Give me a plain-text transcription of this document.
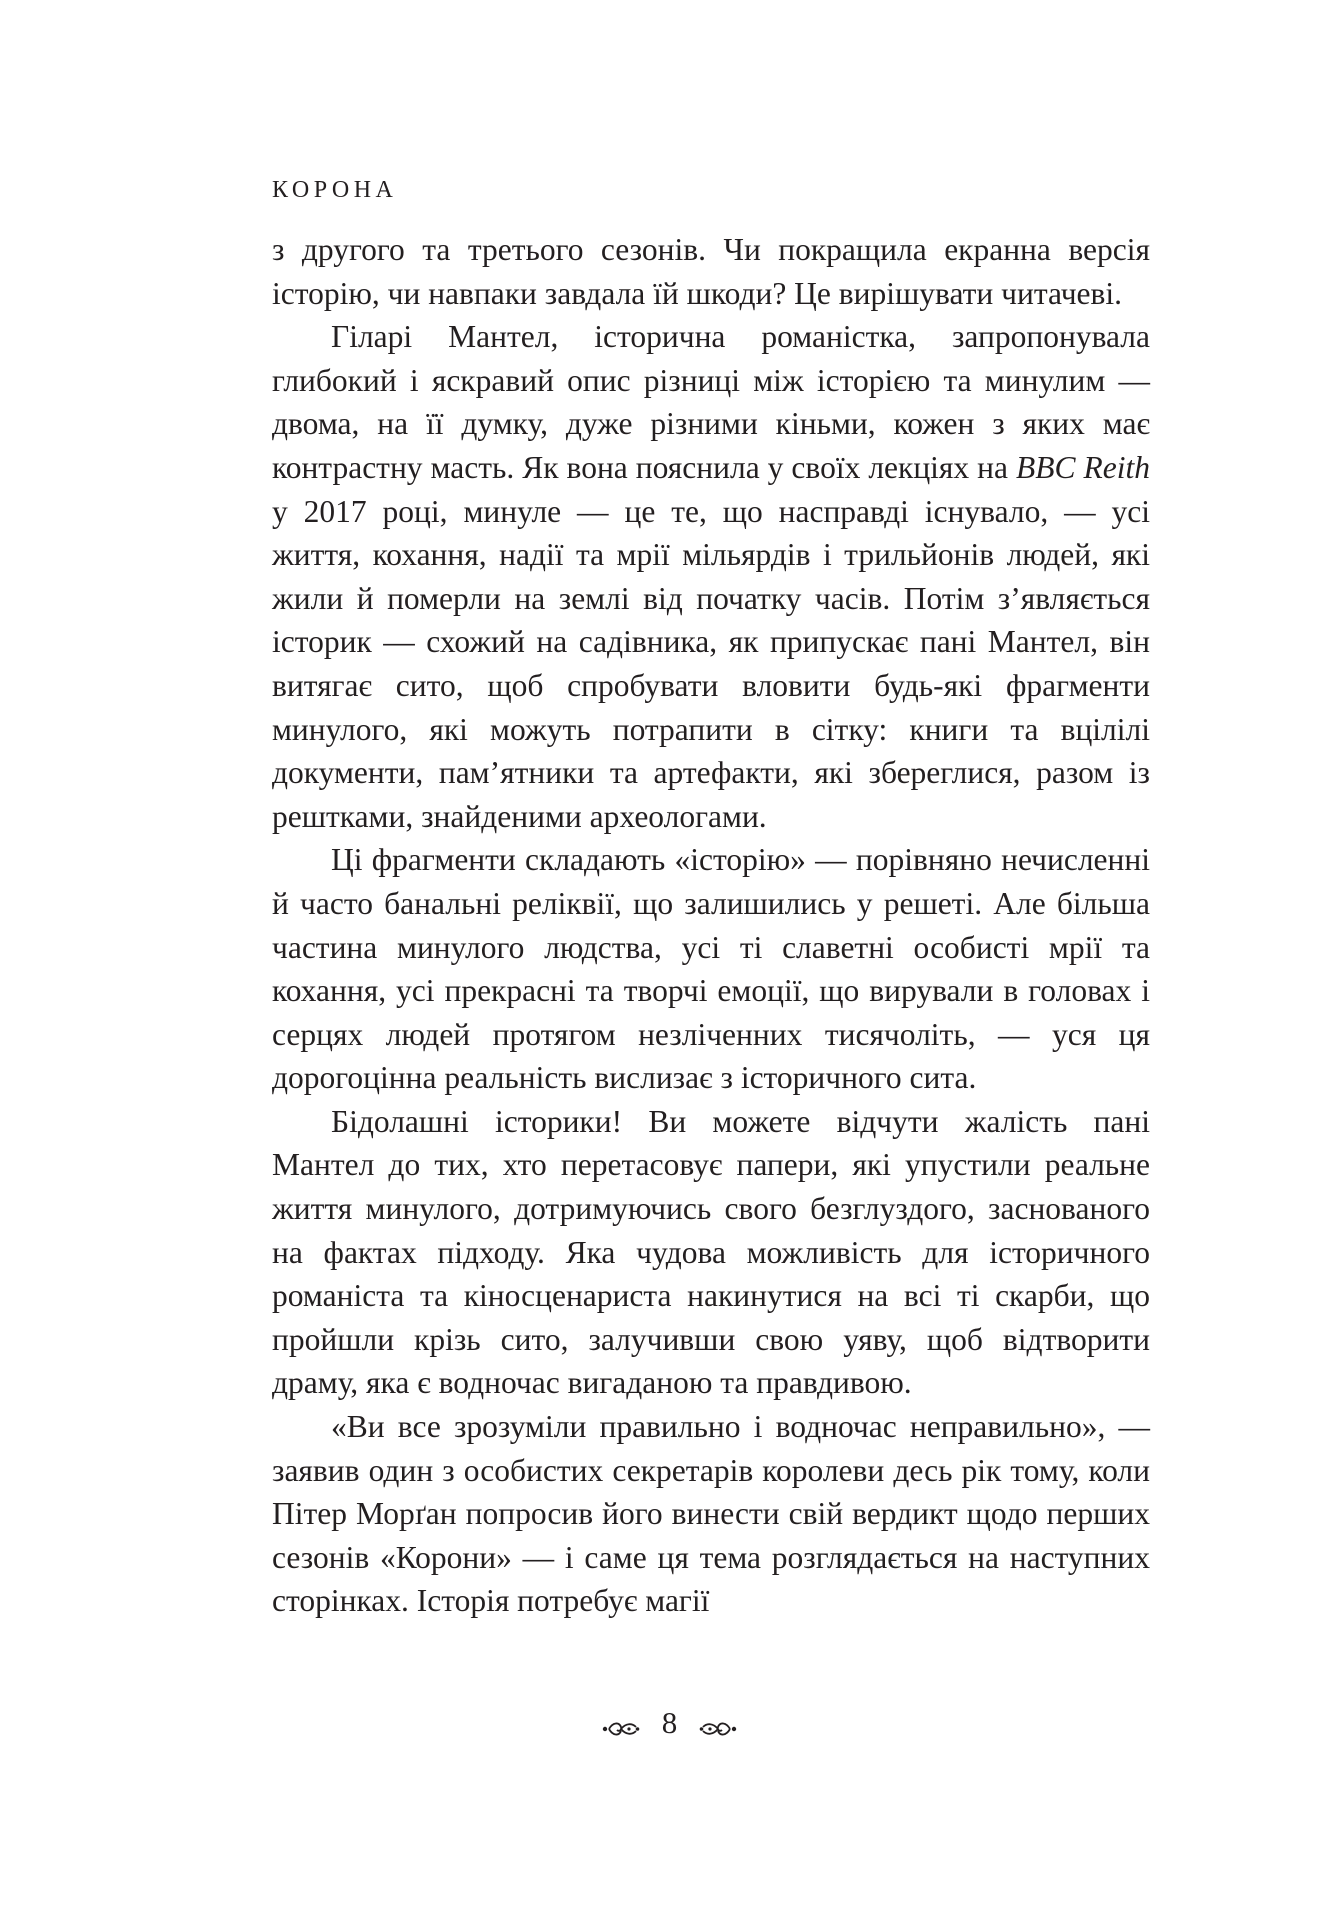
КОРОНА

з другого та третього сезонів. Чи покращила екранна версія історію, чи навпаки завдала їй шкоди? Це вирішувати читачеві.

Гіларі Мантел, історична романістка, запропонувала глибокий і яскравий опис різниці між історією та минулим — двома, на її думку, дуже різними кіньми, кожен з яких має контрастну масть. Як вона пояснила у своїх лекціях на BBC Reith у 2017 році, минуле — це те, що насправді існувало, — усі життя, кохання, надії та мрії мільярдів і трильйонів людей, які жили й померли на землі від початку часів. Потім з’являється історик — схожий на садівника, як припускає пані Мантел, він витягає сито, щоб спробувати вловити будь-які фрагменти минулого, які можуть потрапити в сітку: книги та вцілілі документи, пам’ятники та артефакти, які збереглися, разом із рештками, знайденими археологами.

Ці фрагменти складають «історію» — порівняно нечисленні й часто банальні реліквії, що залишились у решеті. Але більша частина минулого людства, усі ті славетні особисті мрії та кохання, усі прекрасні та творчі емоції, що вирували в головах і серцях людей протягом незліченних тисячоліть, — уся ця дорогоцінна реальність вислизає з історичного сита.

Бідолашні історики! Ви можете відчути жалість пані Мантел до тих, хто перетасовує папери, які упустили реальне життя минулого, дотримуючись свого безглуздого, заснованого на фактах підходу. Яка чудова можливість для історичного романіста та кіносценариста накинутися на всі ті скарби, що пройшли крізь сито, залучивши свою уяву, щоб відтворити драму, яка є водночас вигаданою та правдивою.

«Ви все зрозуміли правильно і водночас неправильно», — заявив один з особистих секретарів королеви десь рік тому, коли Пітер Морґан попросив його винести свій вердикт щодо перших сезонів «Корони» — і саме ця тема розглядається на наступних сторінках. Історія потребує магії

8
